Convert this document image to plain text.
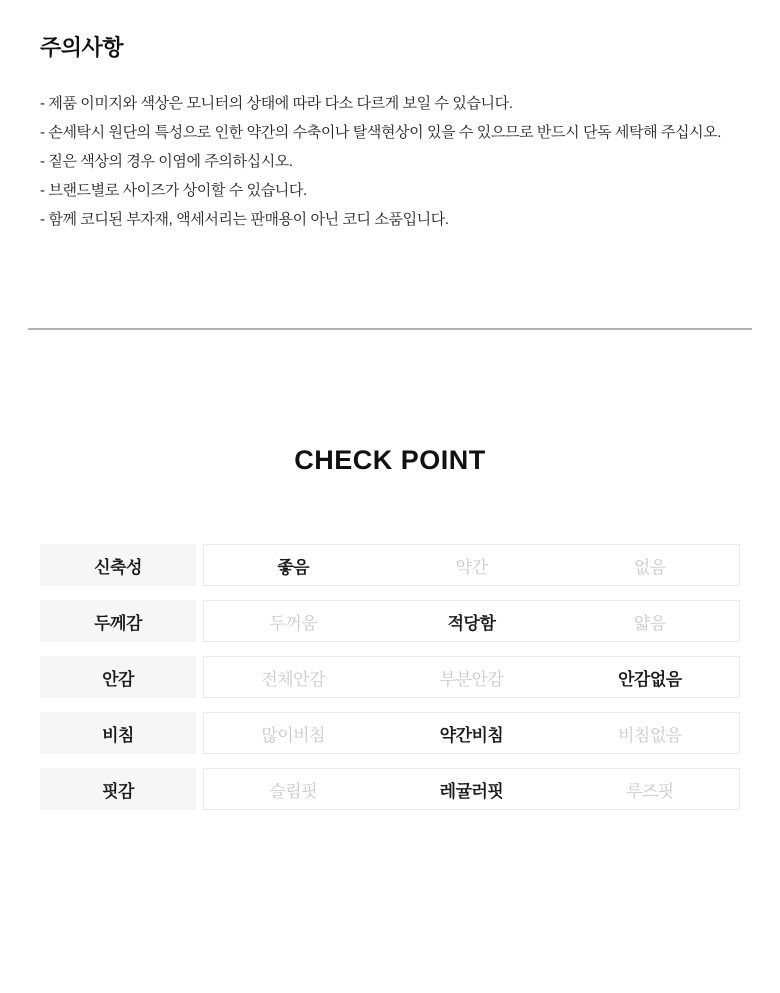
주의사항
- 제품 이미지와 색상은 모니터의 상태에 따라 다소 다르게 보일 수 있습니다.
- 손세탁시 원단의 특성으로 인한 약간의 수축이나 탈색현상이 있을 수 있으므로 반드시 단독 세탁해 주십시오.
- 짙은 색상의 경우 이염에 주의하십시오.
- 브랜드별로 사이즈가 상이할 수 있습니다.
- 함께 코디된 부자재, 액세서리는 판매용이 아닌 코디 소품입니다.
CHECK POINT
신축성	좋음	약간	없음
두께감	두꺼움	적당함	얇음
안감	전체안감	부분안감	안감없음
비침	많이비침	약간비침	비침없음
핏감	슬림핏	레귤러핏	루즈핏
